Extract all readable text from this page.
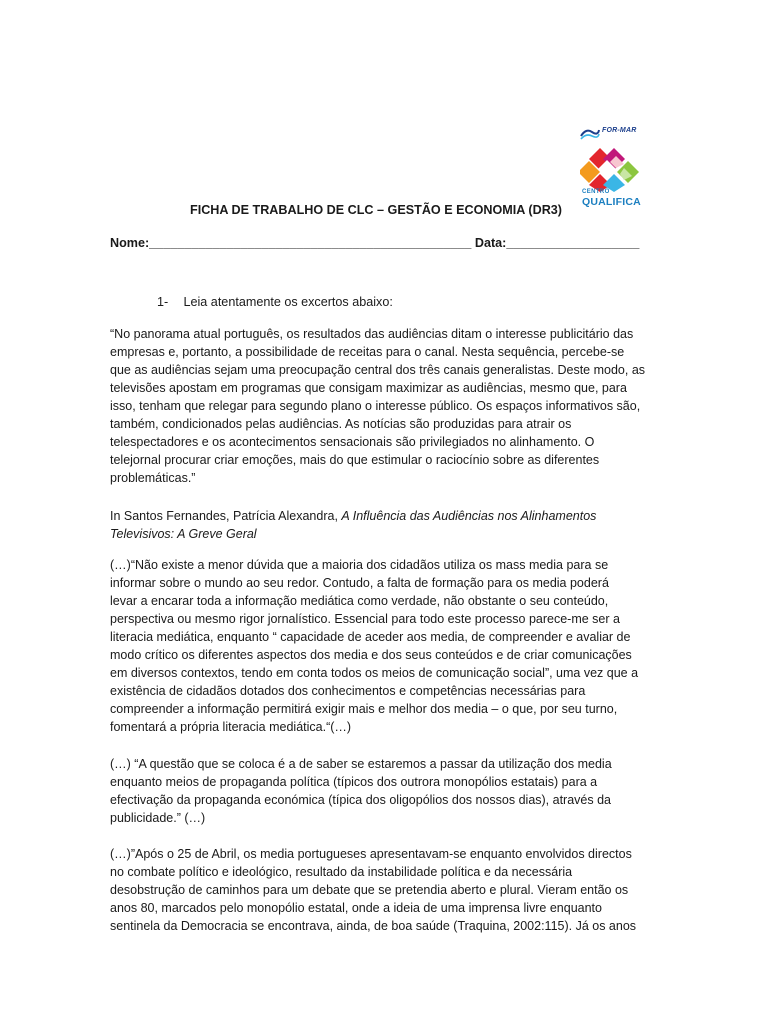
FOR-MAR
CENTRO
QUALIFICA
FICHA DE TRABALHO DE CLC – GESTÃO E ECONOMIA (DR3)
Nome:______________________________________________ Data:___________________
1- Leia atentamente os excertos abaixo:
“No panorama atual português, os resultados das audiências ditam o interesse publicitário das
empresas e, portanto, a possibilidade de receitas para o canal. Nesta sequência, percebe-se
que as audiências sejam uma preocupação central dos três canais generalistas. Deste modo, as
televisões apostam em programas que consigam maximizar as audiências, mesmo que, para
isso, tenham que relegar para segundo plano o interesse público. Os espaços informativos são,
também, condicionados pelas audiências. As notícias são produzidas para atrair os
telespectadores e os acontecimentos sensacionais são privilegiados no alinhamento. O
telejornal procurar criar emoções, mais do que estimular o raciocínio sobre as diferentes
problemáticas.”
In Santos Fernandes, Patrícia Alexandra, A Influência das Audiências nos Alinhamentos
Televisivos: A Greve Geral
(…)“Não existe a menor dúvida que a maioria dos cidadãos utiliza os mass media para se
informar sobre o mundo ao seu redor. Contudo, a falta de formação para os media poderá
levar a encarar toda a informação mediática como verdade, não obstante o seu conteúdo,
perspectiva ou mesmo rigor jornalístico. Essencial para todo este processo parece-me ser a
literacia mediática, enquanto “ capacidade de aceder aos media, de compreender e avaliar de
modo crítico os diferentes aspectos dos media e dos seus conteúdos e de criar comunicações
em diversos contextos, tendo em conta todos os meios de comunicação social”, uma vez que a
existência de cidadãos dotados dos conhecimentos e competências necessárias para
compreender a informação permitirá exigir mais e melhor dos media – o que, por seu turno,
fomentará a própria literacia mediática.“(…)
(…) “A questão que se coloca é a de saber se estaremos a passar da utilização dos media
enquanto meios de propaganda política (típicos dos outrora monopólios estatais) para a
efectivação da propaganda económica (típica dos oligopólios dos nossos dias), através da
publicidade.” (…)
(…)”Após o 25 de Abril, os media portugueses apresentavam-se enquanto envolvidos directos
no combate político e ideológico, resultado da instabilidade política e da necessária
desobstrução de caminhos para um debate que se pretendia aberto e plural. Vieram então os
anos 80, marcados pelo monopólio estatal, onde a ideia de uma imprensa livre enquanto
sentinela da Democracia se encontrava, ainda, de boa saúde (Traquina, 2002:115). Já os anos
